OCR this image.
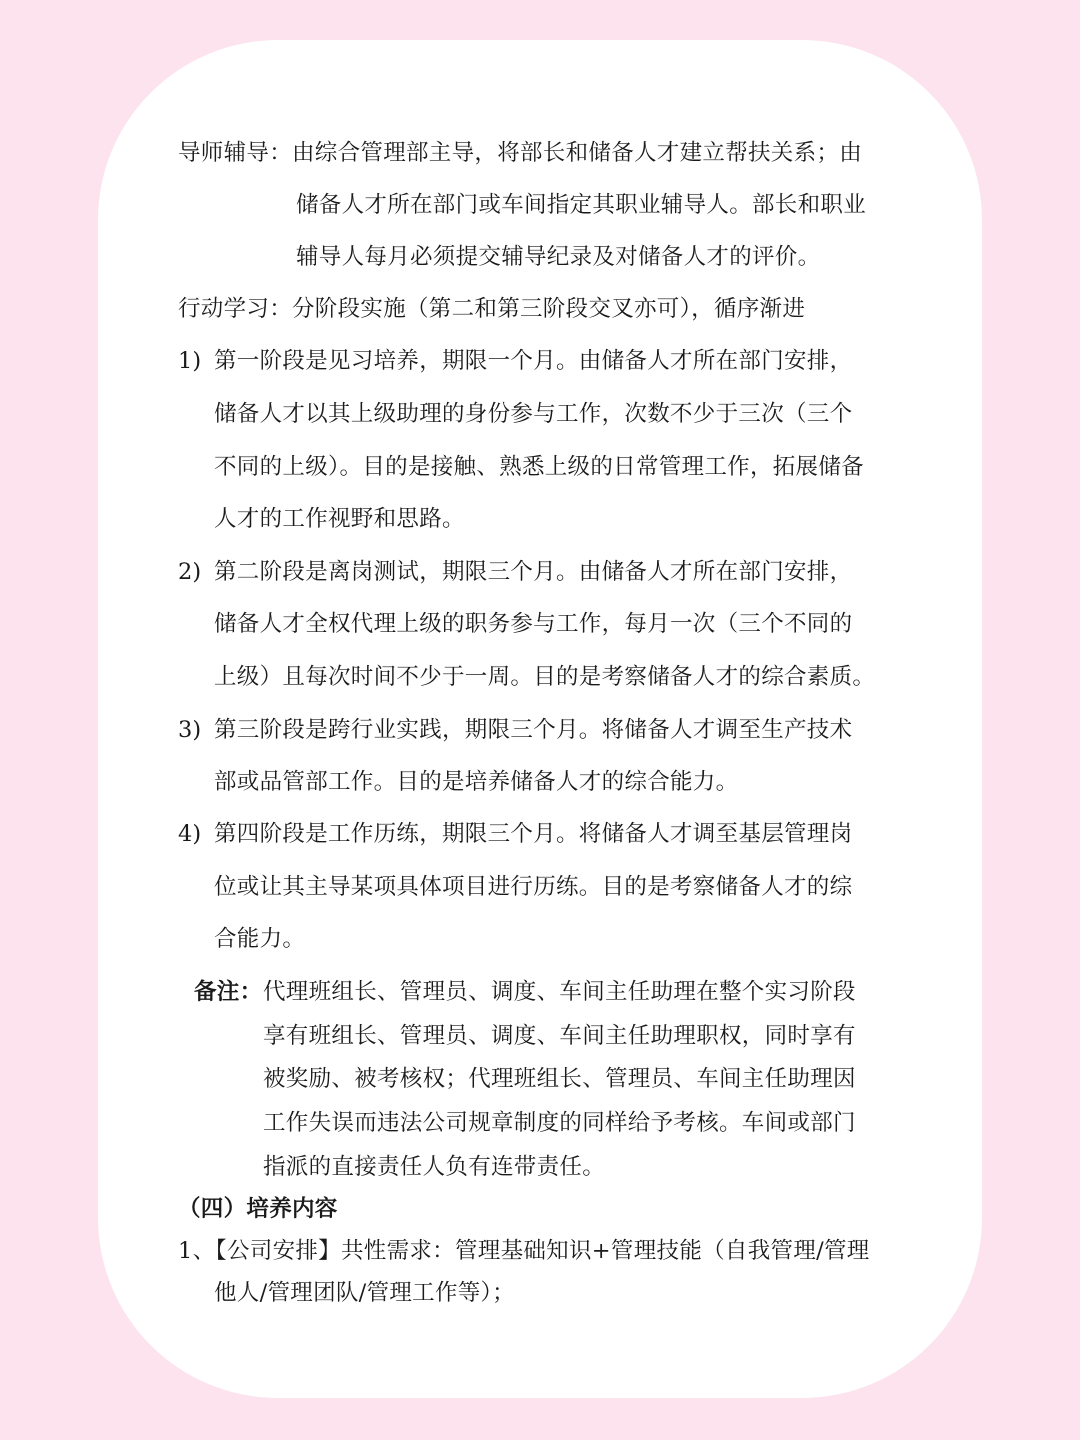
导师辅导：由综合管理部主导，将部长和储备人才建立帮扶关系；由
储备人才所在部门或车间指定其职业辅导人。部长和职业
辅导人每月必须提交辅导纪录及对储备人才的评价。
行动学习：分阶段实施（第二和第三阶段交叉亦可），循序渐进
1) 第一阶段是见习培养，期限一个月。由储备人才所在部门安排，
储备人才以其上级助理的身份参与工作，次数不少于三次（三个
不同的上级）。目的是接触、熟悉上级的日常管理工作，拓展储备
人才的工作视野和思路。
2) 第二阶段是离岗测试，期限三个月。由储备人才所在部门安排，
储备人才全权代理上级的职务参与工作，每月一次（三个不同的
上级）且每次时间不少于一周。目的是考察储备人才的综合素质。
3) 第三阶段是跨行业实践，期限三个月。将储备人才调至生产技术
部或品管部工作。目的是培养储备人才的综合能力。
4) 第四阶段是工作历练，期限三个月。将储备人才调至基层管理岗
位或让其主导某项具体项目进行历练。目的是考察储备人才的综
合能力。
备注： 代理班组长、管理员、调度、车间主任助理在整个实习阶段
享有班组长、管理员、调度、车间主任助理职权，同时享有
被奖励、被考核权；代理班组长、管理员、车间主任助理因
工作失误而违法公司规章制度的同样给予考核。车间或部门
指派的直接责任人负有连带责任。
（四）培养内容
1、【公司安排】共性需求：管理基础知识+管理技能（自我管理/管理
他人/管理团队/管理工作等）；
